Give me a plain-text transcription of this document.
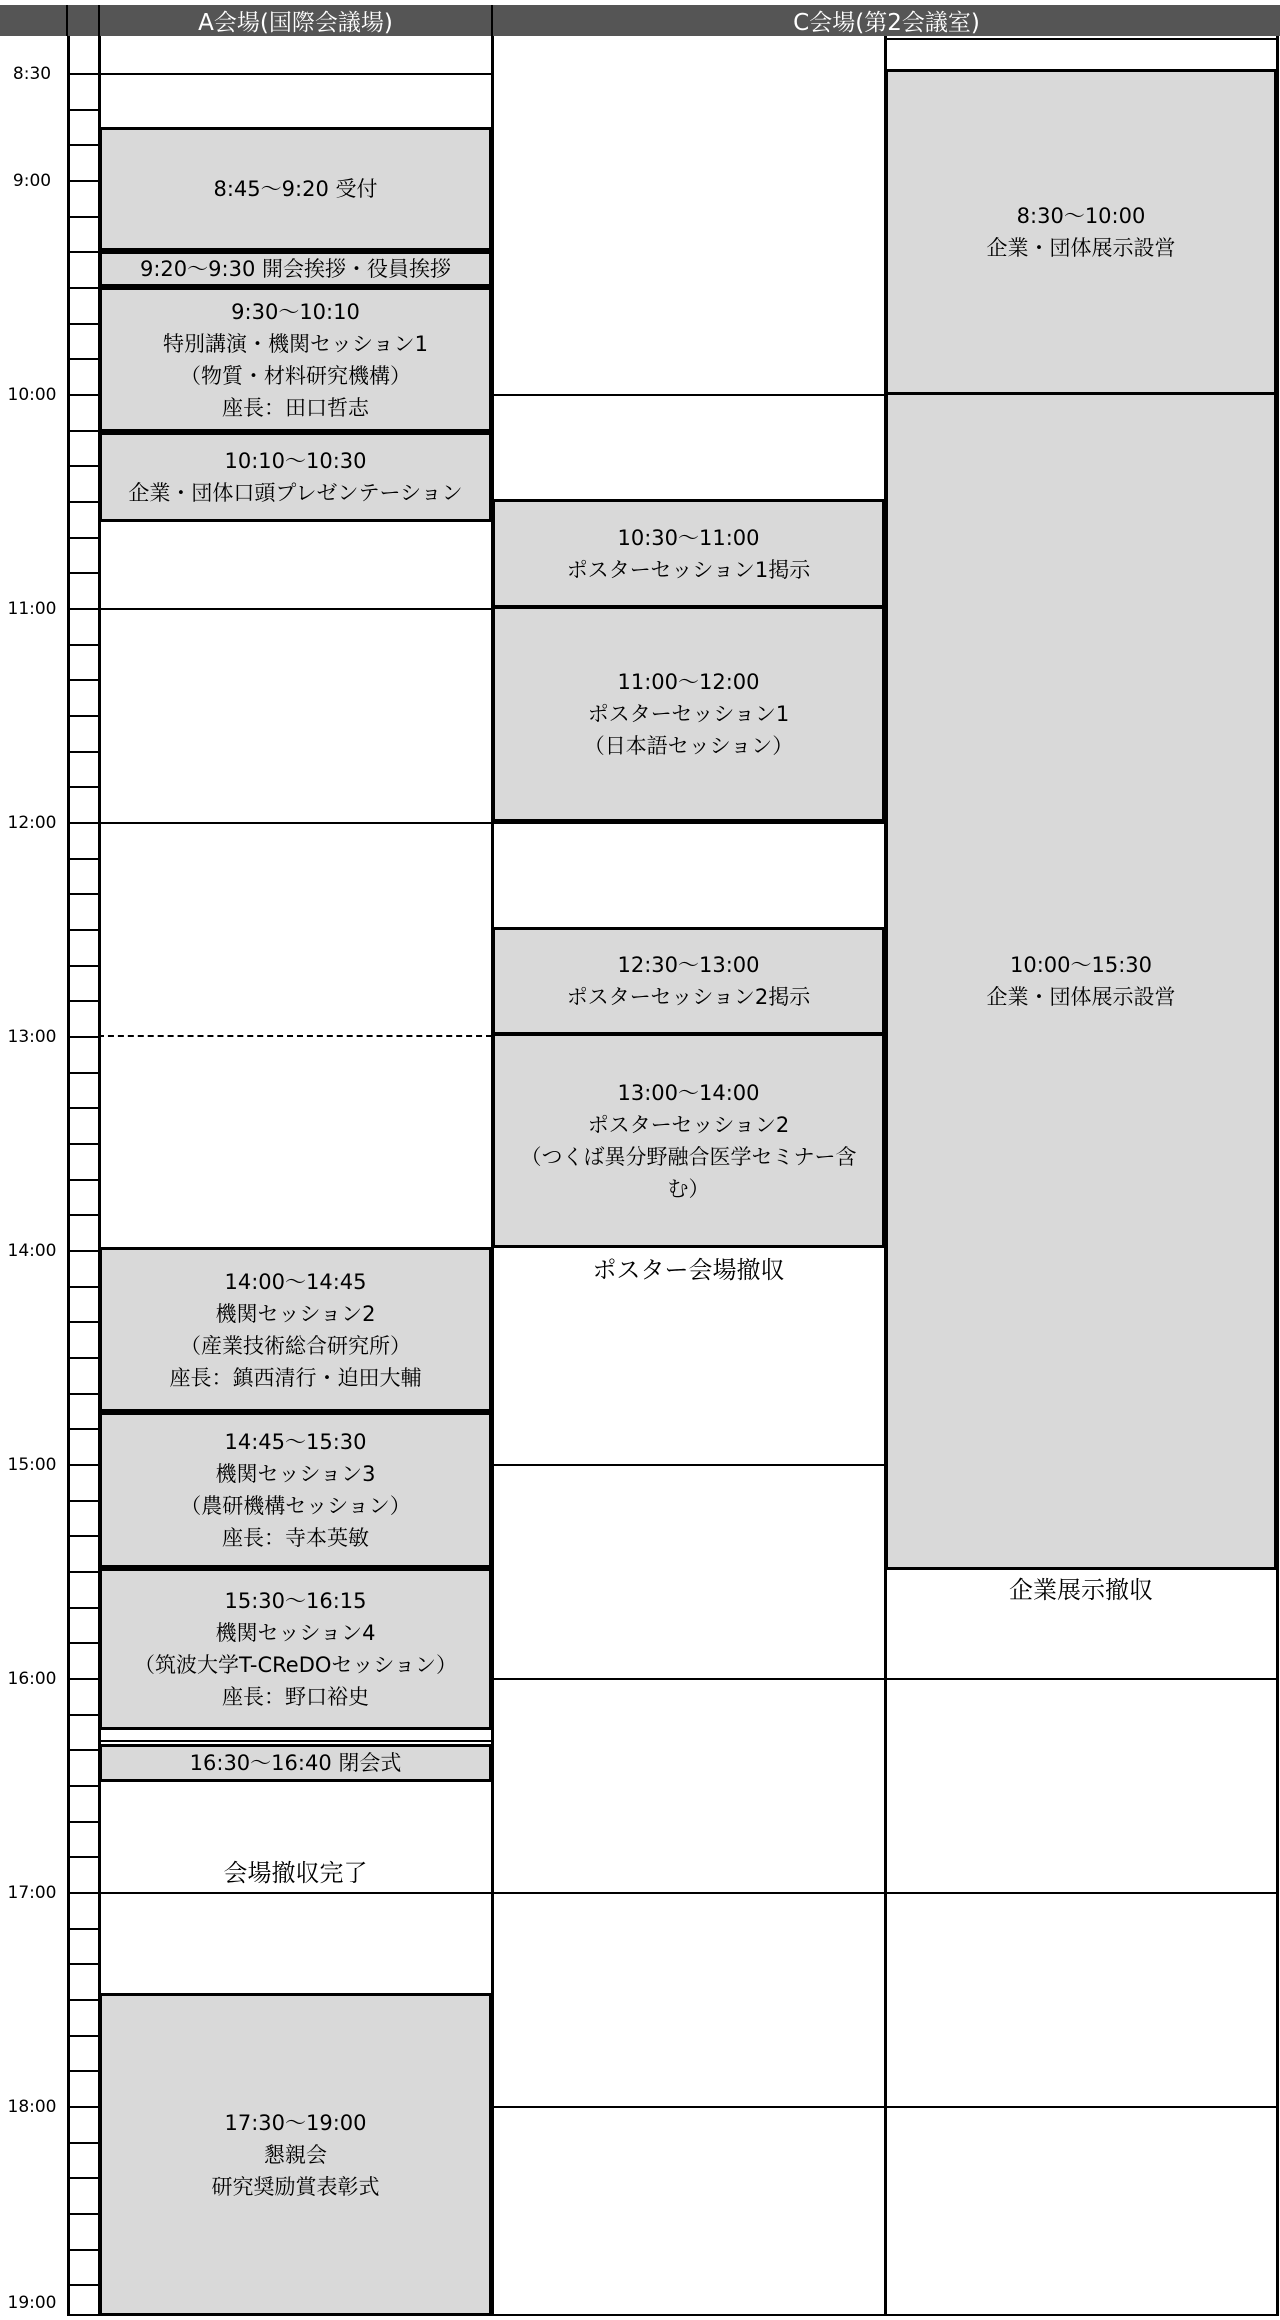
A会場(国際会議場)	C会場(第2会議室)
8:30
9:00
10:00
11:00
12:00
13:00
14:00
15:00
16:00
17:00
18:00
19:00
8:45～9:20 受付
9:20～9:30 開会挨拶・役員挨拶
9:30～10:10
特別講演・機関セッション1
（物質・材料研究機構）
座長：田口哲志
10:10～10:30
企業・団体口頭プレゼンテーション
14:00～14:45
機関セッション2
（産業技術総合研究所）
座長：鎮西清行・迫田大輔
14:45～15:30
機関セッション3
（農研機構セッション）
座長：寺本英敏
15:30～16:15
機関セッション4
（筑波大学T-CReDOセッション）
座長：野口裕史
16:30～16:40 閉会式
会場撤収完了
17:30～19:00
懇親会
研究奨励賞表彰式
10:30～11:00
ポスターセッション1掲示
11:00～12:00
ポスターセッション1
（日本語セッション）
12:30～13:00
ポスターセッション2掲示
13:00～14:00
ポスターセッション2
（つくば異分野融合医学セミナー含
む）
ポスター会場撤収
8:30～10:00
企業・団体展示設営
10:00～15:30
企業・団体展示設営
企業展示撤収
